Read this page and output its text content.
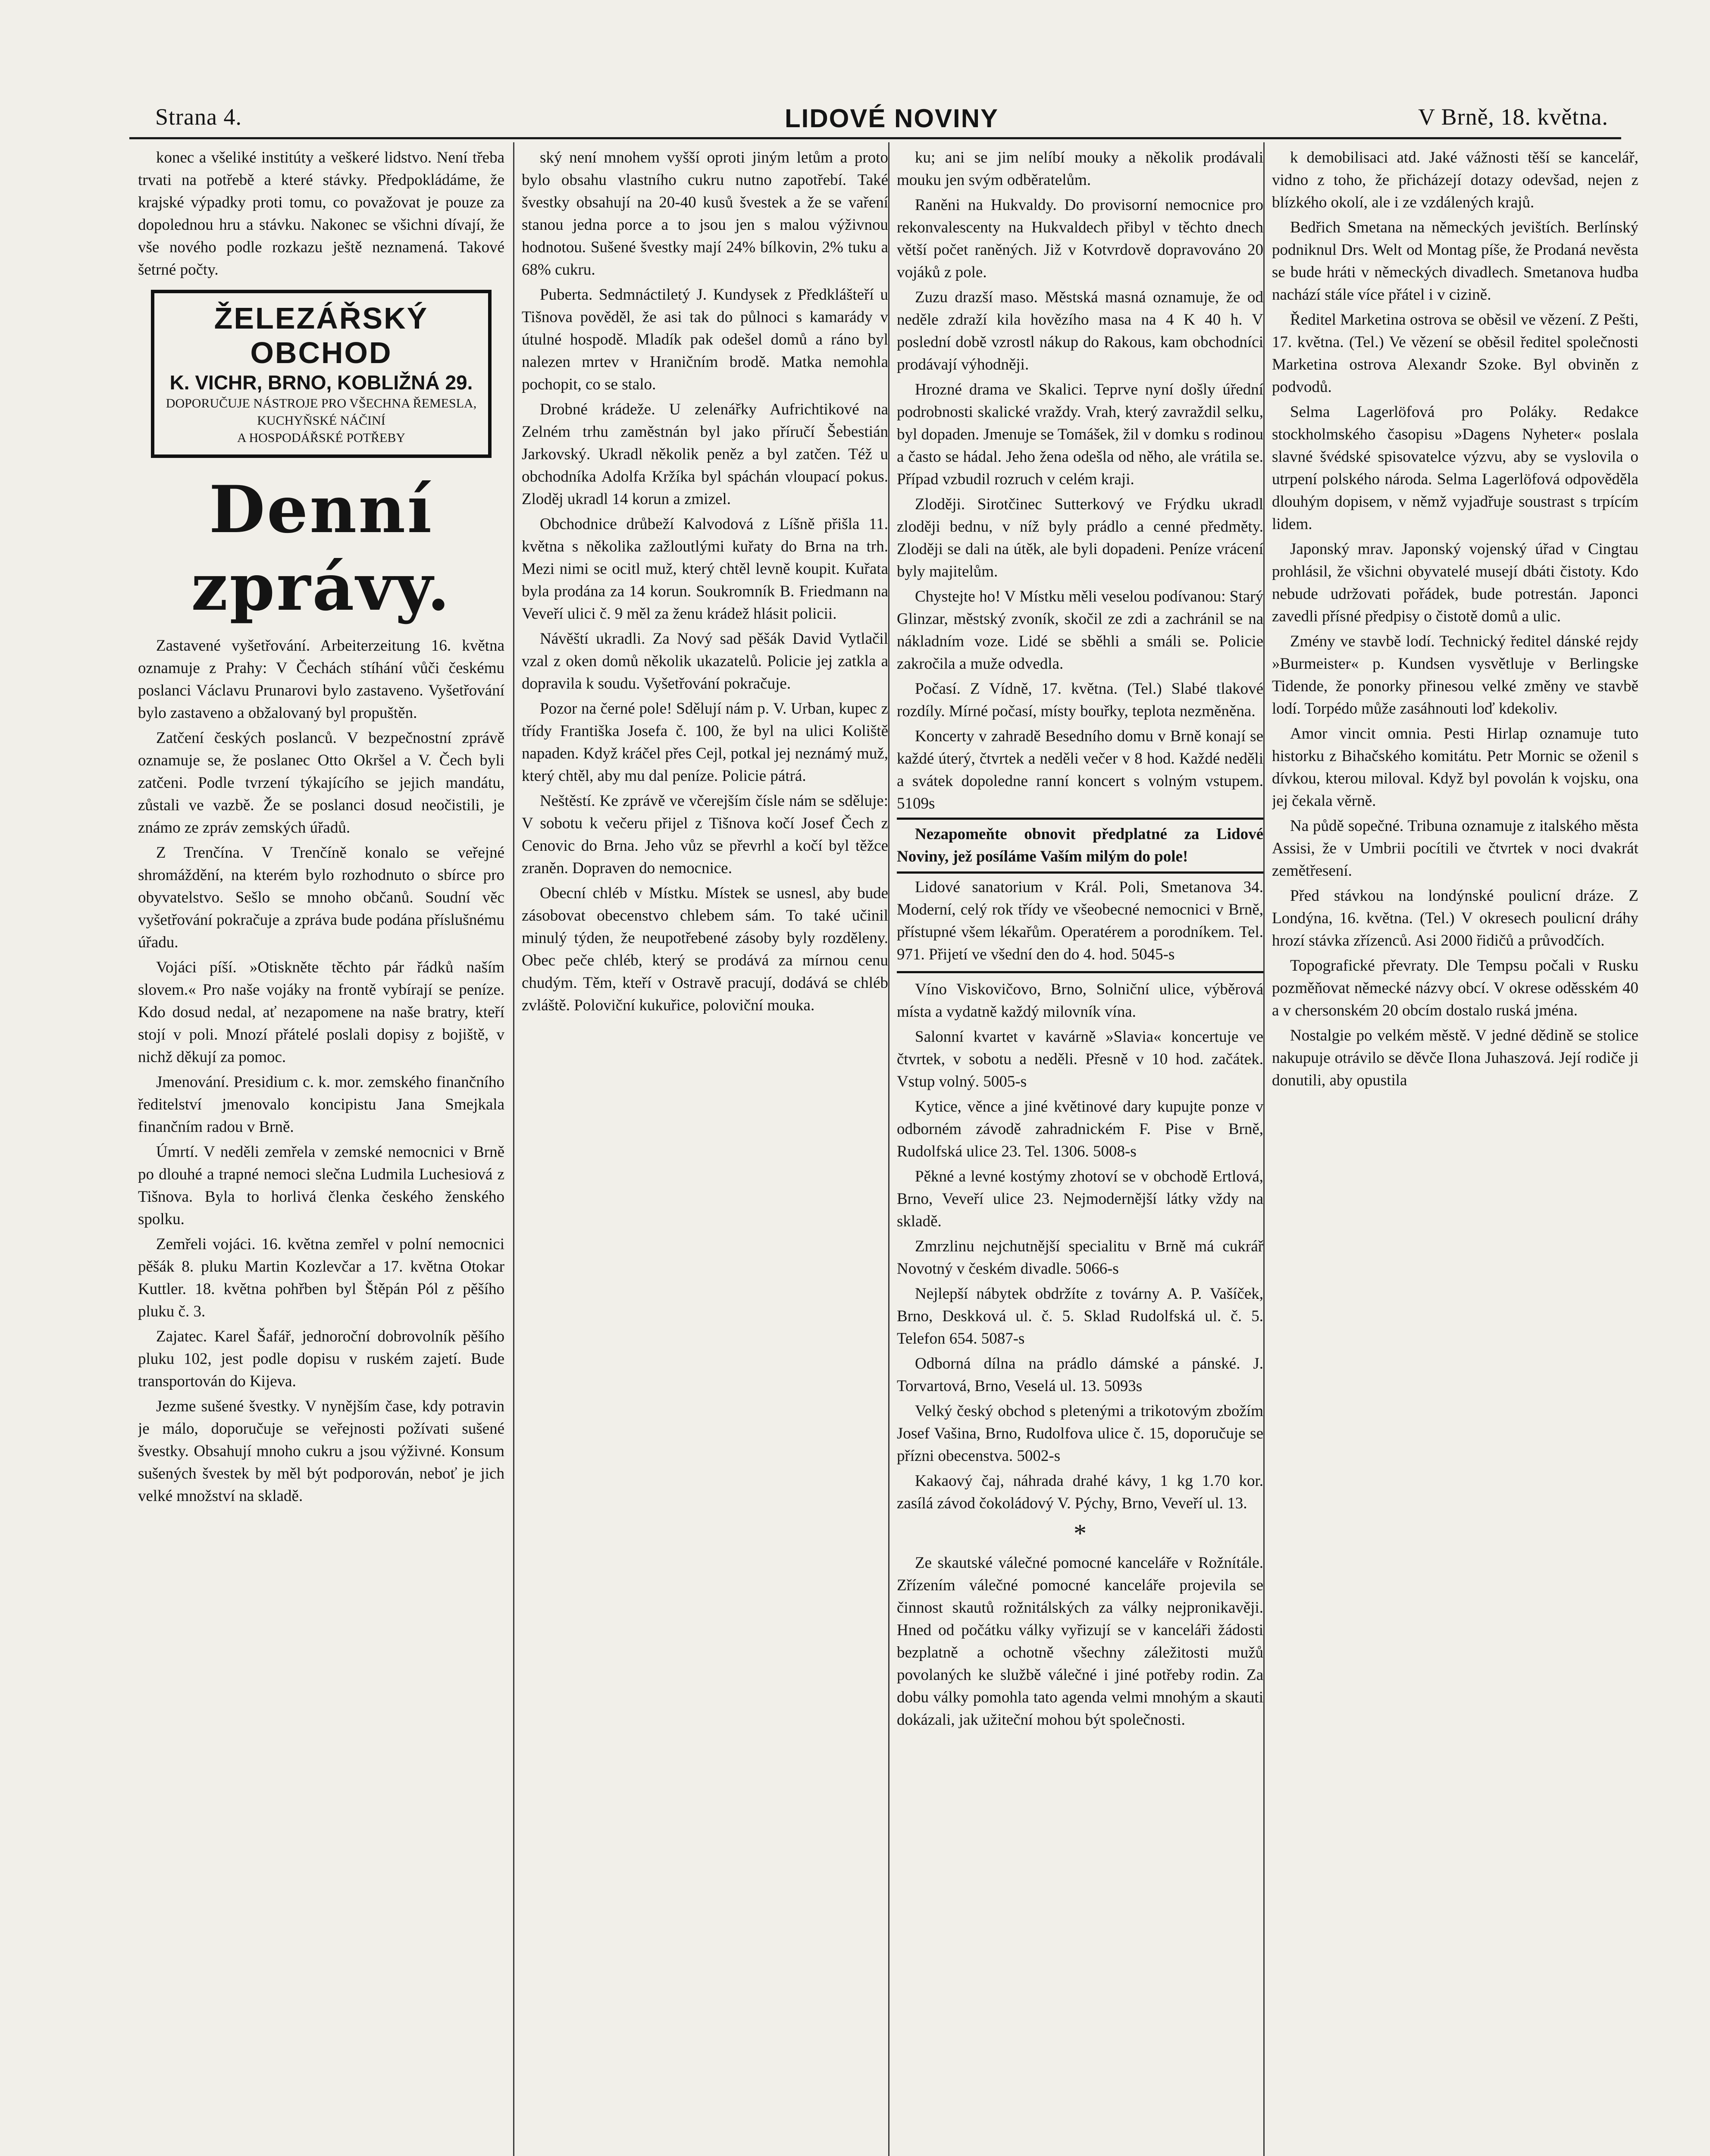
Strana 4.	LIDOVÉ NOVINY	V Brně, 18. května.

konec a všeliké institúty a veškeré lidstvo. Není třeba trvati na potřebě a které stávky. Předpokládáme, že krajské výpadky proti tomu, co považovat je pouze za dopolednou hru a stávku. Nakonec se všichni dívají, že vše nového podle rozkazu ještě neznamená. Takové šetrné počty.

ŽELEZÁŘSKÝ OBCHOD
K. VICHR, BRNO, KOBLIŽNÁ 29.
DOPORUČUJE NÁSTROJE PRO VŠECHNA ŘEMESLA, KUCHYŇSKÉ NÁČINÍ
A HOSPODÁŘSKÉ POTŘEBY
Denní zprávy.

Zastavené vyšetřování. Arbeiterzeitung 16. května oznamuje z Prahy: V Čechách stíhání vůči českému poslanci Václavu Prunarovi bylo zastaveno. Vyšetřování bylo zastaveno a obžalovaný byl propuštěn.

Zatčení českých poslanců. V bezpečnostní zprávě oznamuje se, že poslanec Otto Okršel a V. Čech byli zatčeni. Podle tvrzení týkajícího se jejich mandátu, zůstali ve vazbě. Že se poslanci dosud neočistili, je známo ze zpráv zemských úřadů.

Z Trenčína. V Trenčíně konalo se veřejné shromáždění, na kterém bylo rozhodnuto o sbírce pro obyvatelstvo. Sešlo se mnoho občanů. Soudní věc vyšetřování pokračuje a zpráva bude podána příslušnému úřadu.

Vojáci píší. »Otiskněte těchto pár řádků naším slovem.« Pro naše vojáky na frontě vybírají se peníze. Kdo dosud nedal, ať nezapomene na naše bratry, kteří stojí v poli. Mnozí přátelé poslali dopisy z bojiště, v nichž děkují za pomoc.

Jmenování. Presidium c. k. mor. zemského finančního ředitelství jmenovalo koncipistu Jana Smejkala finančním radou v Brně.

Úmrtí. V neděli zemřela v zemské nemocnici v Brně po dlouhé a trapné nemoci slečna Ludmila Luchesiová z Tišnova. Byla to horlivá členka českého ženského spolku.

Zemřeli vojáci. 16. května zemřel v polní nemocnici pěšák 8. pluku Martin Kozlevčar a 17. května Otokar Kuttler. 18. května pohřben byl Štěpán Pól z pěšího pluku č. 3.

Zajatec. Karel Šafář, jednoroční dobrovolník pěšího pluku 102, jest podle dopisu v ruském zajetí. Bude transportován do Kijeva.

Jezme sušené švestky. V nynějším čase, kdy potravin je málo, doporučuje se veřejnosti požívati sušené švestky. Obsahují mnoho cukru a jsou výživné. Konsum sušených švestek by měl být podporován, neboť je jich velké množství na skladě.

ský není mnohem vyšší oproti jiným letům a proto bylo obsahu vlastního cukru nutno zapotřebí. Také švestky obsahují na 20-40 kusů švestek a že se vaření stanou jedna porce a to jsou jen s malou výživnou hodnotou. Sušené švestky mají 24% bílkovin, 2% tuku a 68% cukru.

Puberta. Sedmnáctiletý J. Kundysek z Předklášteří u Tišnova pověděl, že asi tak do půlnoci s kamarády v útulné hospodě. Mladík pak odešel domů a ráno byl nalezen mrtev v Hraničním brodě. Matka nemohla pochopit, co se stalo.

Drobné krádeže. U zelenářky Aufrichtikové na Zelném trhu zaměstnán byl jako příručí Šebestián Jarkovský. Ukradl několik peněz a byl zatčen. Též u obchodníka Adolfa Kržíka byl spáchán vloupací pokus. Zloděj ukradl 14 korun a zmizel.

Obchodnice drůbeží Kalvodová z Líšně přišla 11. května s několika zažloutlými kuřaty do Brna na trh. Mezi nimi se ocitl muž, který chtěl levně koupit. Kuřata byla prodána za 14 korun. Soukromník B. Friedmann na Veveří ulici č. 9 měl za ženu krádež hlásit policii.

Návěští ukradli. Za Nový sad pěšák David Vytlačil vzal z oken domů několik ukazatelů. Policie jej zatkla a dopravila k soudu. Vyšetřování pokračuje.

Pozor na černé pole! Sdělují nám p. V. Urban, kupec z třídy Františka Josefa č. 100, že byl na ulici Koliště napaden. Když kráčel přes Cejl, potkal jej neznámý muž, který chtěl, aby mu dal peníze. Policie pátrá.

Neštěstí. Ke zprávě ve včerejším čísle nám se sděluje: V sobotu k večeru přijel z Tišnova kočí Josef Čech z Cenovic do Brna. Jeho vůz se převrhl a kočí byl těžce zraněn. Dopraven do nemocnice.

Obecní chléb v Místku. Místek se usnesl, aby bude zásobovat obecenstvo chlebem sám. To také učinil minulý týden, že neupotřebené zásoby byly rozděleny. Obec peče chléb, který se prodává za mírnou cenu chudým. Těm, kteří v Ostravě pracují, dodává se chléb zvláště. Poloviční kukuřice, poloviční mouka.

ku; ani se jim nelíbí mouky a několik prodávali mouku jen svým odběratelům.

Raněni na Hukvaldy. Do provisorní nemocnice pro rekonvalescenty na Hukvaldech přibyl v těchto dnech větší počet raněných. Již v Kotvrdově dopravováno 20 vojáků z pole.

Zuzu drazší maso. Městská masná oznamuje, že od neděle zdraží kila hovězího masa na 4 K 40 h. V poslední době vzrostl nákup do Rakous, kam obchodníci prodávají výhodněji.

Hrozné drama ve Skalici. Teprve nyní došly úřední podrobnosti skalické vraždy. Vrah, který zavraždil selku, byl dopaden. Jmenuje se Tomášek, žil v domku s rodinou a často se hádal. Jeho žena odešla od něho, ale vrátila se. Případ vzbudil rozruch v celém kraji.

Zloději. Sirotčinec Sutterkový ve Frýdku ukradl zloději bednu, v níž byly prádlo a cenné předměty. Zloději se dali na útěk, ale byli dopadeni. Peníze vrácení byly majitelům.

Chystejte ho! V Místku měli veselou podívanou: Starý Glinzar, městský zvoník, skočil ze zdi a zachránil se na nákladním voze. Lidé se sběhli a smáli se. Policie zakročila a muže odvedla.

Počasí. Z Vídně, 17. května. (Tel.) Slabé tlakové rozdíly. Mírné počasí, místy bouřky, teplota nezměněna.

Koncerty v zahradě Besedního domu v Brně konají se každé úterý, čtvrtek a neděli večer v 8 hod. Každé neděli a svátek dopoledne ranní koncert s volným vstupem. 5109s

Nezapomeňte obnovit předplatné za Lidové Noviny, jež posíláme Vaším milým do pole!

Lidové sanatorium v Král. Poli, Smetanova 34. Moderní, celý rok třídy ve všeobecné nemocnici v Brně, přístupné všem lékařům. Operatérem a porodníkem. Tel. 971. Přijetí ve všední den do 4. hod. 5045-s

Víno Viskovičovo, Brno, Solniční ulice, výběrová místa a vydatně každý milovník vína.

Salonní kvartet v kavárně »Slavia« koncertuje ve čtvrtek, v sobotu a neděli. Přesně v 10 hod. začátek. Vstup volný. 5005-s

Kytice, věnce a jiné květinové dary kupujte ponze v odborném závodě zahradnickém F. Pise v Brně, Rudolfská ulice 23. Tel. 1306. 5008-s

Pěkné a levné kostýmy zhotoví se v obchodě Ertlová, Brno, Veveří ulice 23. Nejmodernější látky vždy na skladě.

Zmrzlinu nejchutnější specialitu v Brně má cukrář Novotný v českém divadle. 5066-s

Nejlepší nábytek obdržíte z továrny A. P. Vašíček, Brno, Deskková ul. č. 5. Sklad Rudolfská ul. č. 5. Telefon 654. 5087-s

Odborná dílna na prádlo dámské a pánské. J. Torvartová, Brno, Veselá ul. 13. 5093s

Velký český obchod s pletenými a trikotovým zbožím Josef Vašina, Brno, Rudolfova ulice č. 15, doporučuje se přízni obecenstva. 5002-s

Kakaový čaj, náhrada drahé kávy, 1 kg 1.70 kor. zasílá závod čokoládový V. Pýchy, Brno, Veveří ul. 13.

*

Ze skautské válečné pomocné kanceláře v Rožnítále. Zřízením válečné pomocné kanceláře projevila se činnost skautů rožnitálských za války nejpronikavěji. Hned od počátku války vyřizují se v kanceláři žádosti bezplatně a ochotně všechny záležitosti mužů povolaných ke službě válečné i jiné potřeby rodin. Za dobu války pomohla tato agenda velmi mnohým a skauti dokázali, jak užiteční mohou být společnosti.

k demobilisaci atd. Jaké vážnosti těší se kancelář, vidno z toho, že přicházejí dotazy odevšad, nejen z blízkého okolí, ale i ze vzdálených krajů.

Bedřich Smetana na německých jevištích. Berlínský podniknul Drs. Welt od Montag píše, že Prodaná nevěsta se bude hráti v německých divadlech. Smetanova hudba nachází stále více přátel i v cizině.

Ředitel Marketina ostrova se oběsil ve vězení. Z Pešti, 17. května. (Tel.) Ve vězení se oběsil ředitel společnosti Marketina ostrova Alexandr Szoke. Byl obviněn z podvodů.

Selma Lagerlöfová pro Poláky. Redakce stockholmského časopisu »Dagens Nyheter« poslala slavné švédské spisovatelce výzvu, aby se vyslovila o utrpení polského národa. Selma Lagerlöfová odpověděla dlouhým dopisem, v němž vyjadřuje soustrast s trpícím lidem.

Japonský mrav. Japonský vojenský úřad v Cingtau prohlásil, že všichni obyvatelé musejí dbáti čistoty. Kdo nebude udržovati pořádek, bude potrestán. Japonci zavedli přísné předpisy o čistotě domů a ulic.

Zmény ve stavbě lodí. Technický ředitel dánské rejdy »Burmeister« p. Kundsen vysvětluje v Berlingske Tidende, že ponorky přinesou velké změny ve stavbě lodí. Torpédo může zasáhnouti loď kdekoliv.

Amor vincit omnia. Pesti Hirlap oznamuje tuto historku z Bihačského komitátu. Petr Mornic se oženil s dívkou, kterou miloval. Když byl povolán k vojsku, ona jej čekala věrně.

Na půdě sopečné. Tribuna oznamuje z italského města Assisi, že v Umbrii pocítili ve čtvrtek v noci dvakrát zemětřesení.

Před stávkou na londýnské poulicní dráze. Z Londýna, 16. května. (Tel.) V okresech poulicní dráhy hrozí stávka zřízenců. Asi 2000 řidičů a průvodčích.

Topografické převraty. Dle Tempsu počali v Rusku pozměňovat německé názvy obcí. V okrese oděsském 40 a v chersonském 20 obcím dostalo ruská jména.

Nostalgie po velkém městě. V jedné dědině se stolice nakupuje otrávilo se děvče Ilona Juhaszová. Její rodiče ji donutili, aby opustila
